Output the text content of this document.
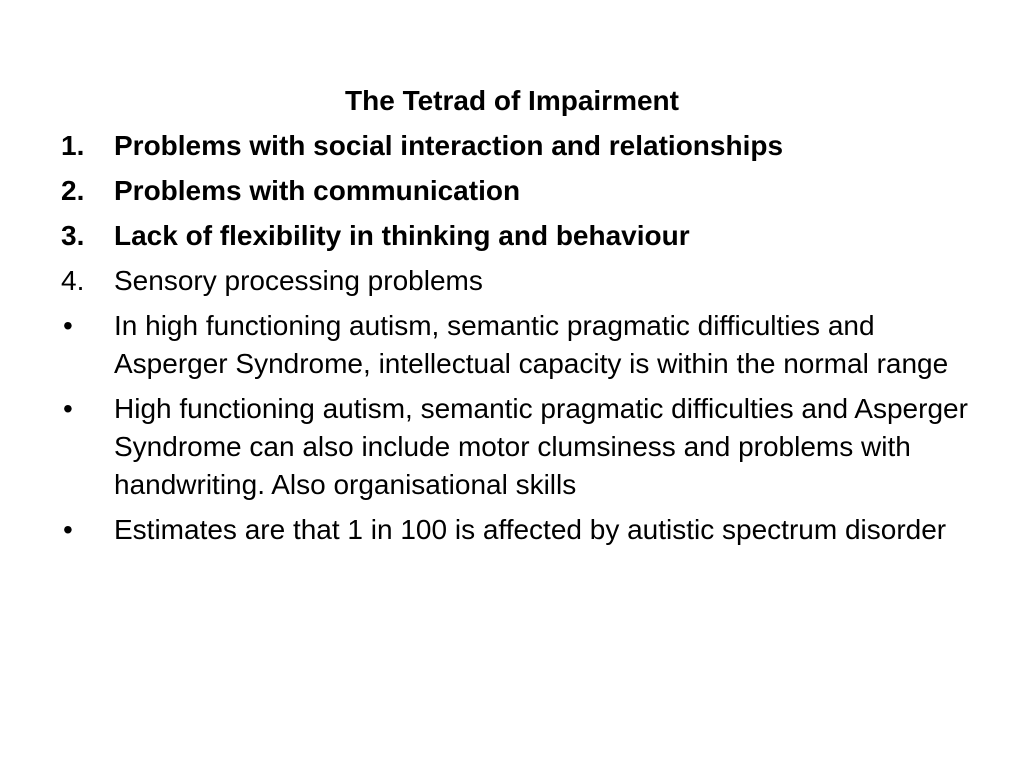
The Tetrad of Impairment
1.	Problems with social interaction and relationships
2.	Problems with communication
3.	Lack of flexibility in thinking and behaviour
4.	Sensory processing problems
•	In high functioning autism, semantic pragmatic difficulties and Asperger Syndrome, intellectual capacity is within the normal range
•	High functioning autism, semantic pragmatic difficulties and Asperger Syndrome can also include motor clumsiness and problems with handwriting. Also organisational skills
•	Estimates are that 1 in 100 is affected by autistic spectrum disorder
